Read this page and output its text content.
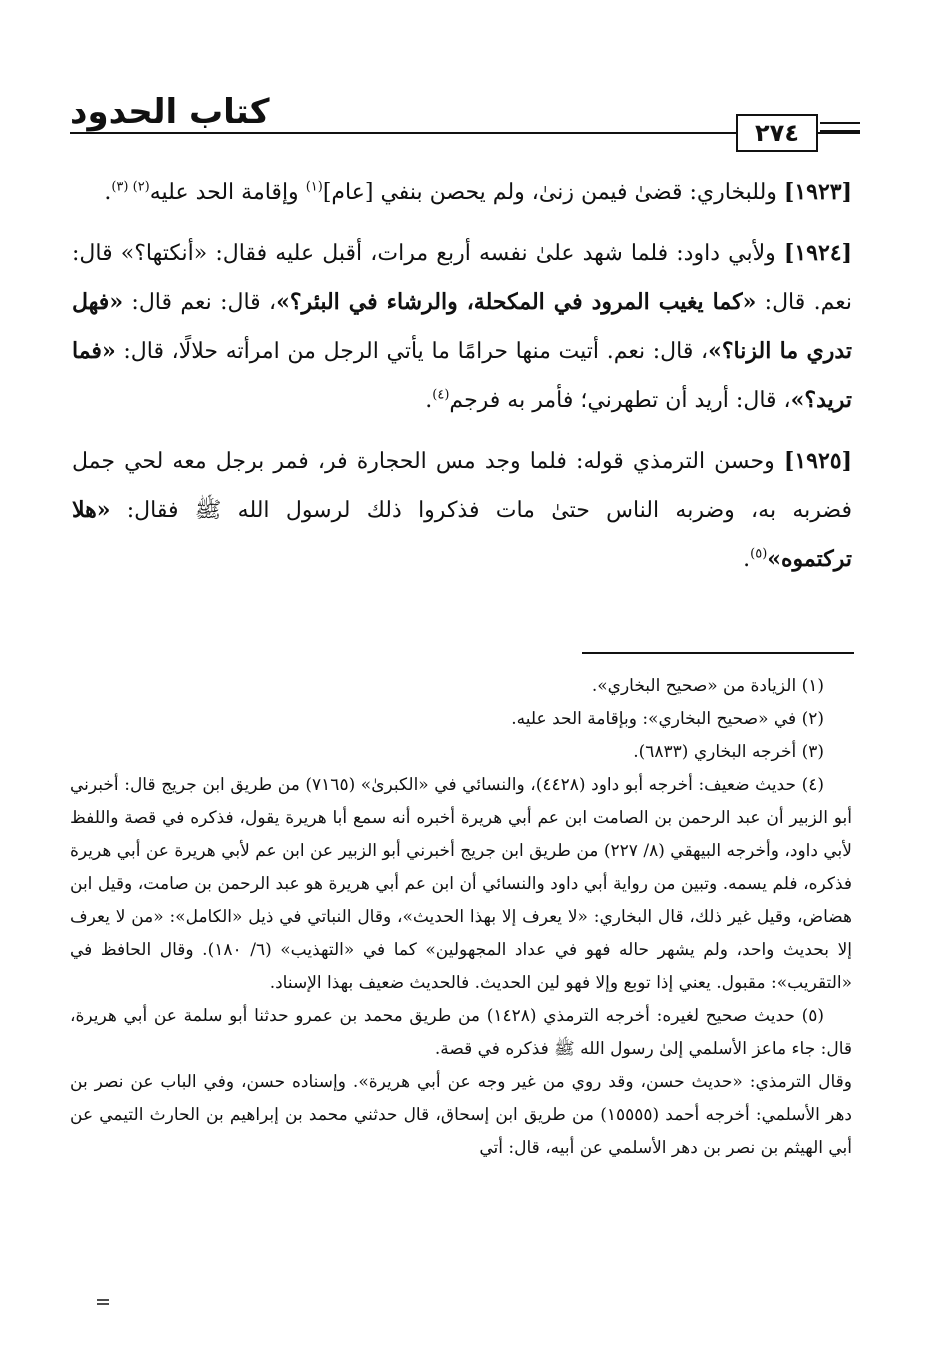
كتاب الحدود
٢٧٤

[١٩٢٣] وللبخاري: قضىٰ فيمن زنىٰ، ولم يحصن بنفي [عام]$^{(١)}$ وإقامة الحد عليه$^{(٢) (٣)}$.

[١٩٢٤] ولأبي داود: فلما شهد علىٰ نفسه أربع مرات، أقبل عليه فقال: «أنكتها؟» قال: نعم. قال: «كما يغيب المرود في المكحلة، والرشاء في البئر؟»، قال: نعم قال: «فهل تدري ما الزنا؟»، قال: نعم. أتيت منها حرامًا ما يأتي الرجل من امرأته حلالًا، قال: «فما تريد؟»، قال: أريد أن تطهرني؛ فأمر به فرجم$^{(٤)}$.

[١٩٢٥] وحسن الترمذي قوله: فلما وجد مس الحجارة فر، فمر برجل معه لحي جمل فضربه به، وضربه الناس حتىٰ مات فذكروا ذلك لرسول الله ﷺ فقال: «هلا تركتموه»$^{(٥)}$.

(١) الزيادة من «صحيح البخاري».

(٢) في «صحيح البخاري»: وبإقامة الحد عليه.

(٣) أخرجه البخاري (٦٨٣٣).

(٤) حديث ضعيف: أخرجه أبو داود (٤٤٢٨)، والنسائي في «الكبرىٰ» (٧١٦٥) من طريق ابن جريج قال: أخبرني أبو الزبير أن عبد الرحمن بن الصامت ابن عم أبي هريرة أخبره أنه سمع أبا هريرة يقول، فذكره في قصة واللفظ لأبي داود، وأخرجه البيهقي (٨/ ٢٢٧) من طريق ابن جريج أخبرني أبو الزبير عن ابن عم لأبي هريرة عن أبي هريرة فذكره، فلم يسمه. وتبين من رواية أبي داود والنسائي أن ابن عم أبي هريرة هو عبد الرحمن بن صامت، وقيل ابن هضاض، وقيل غير ذلك، قال البخاري: «لا يعرف إلا بهذا الحديث»، وقال النباتي في ذيل «الكامل»: «من لا يعرف إلا بحديث واحد، ولم يشهر حاله فهو في عداد المجهولين» كما في «التهذيب» (٦/ ١٨٠). وقال الحافظ في «التقريب»: مقبول. يعني إذا توبع وإلا فهو لين الحديث. فالحديث ضعيف بهذا الإسناد.

(٥) حديث صحيح لغيره: أخرجه الترمذي (١٤٢٨) من طريق محمد بن عمرو حدثنا أبو سلمة عن أبي هريرة، قال: جاء ماعز الأسلمي إلىٰ رسول الله ﷺ فذكره في قصة.

وقال الترمذي: «حديث حسن، وقد روي من غير وجه عن أبي هريرة». وإسناده حسن، وفي الباب عن نصر بن دهر الأسلمي: أخرجه أحمد (١٥٥٥٥) من طريق ابن إسحاق، قال حدثني محمد بن إبراهيم بن الحارث التيمي عن أبي الهيثم بن نصر بن دهر الأسلمي عن أبيه، قال: أتي
